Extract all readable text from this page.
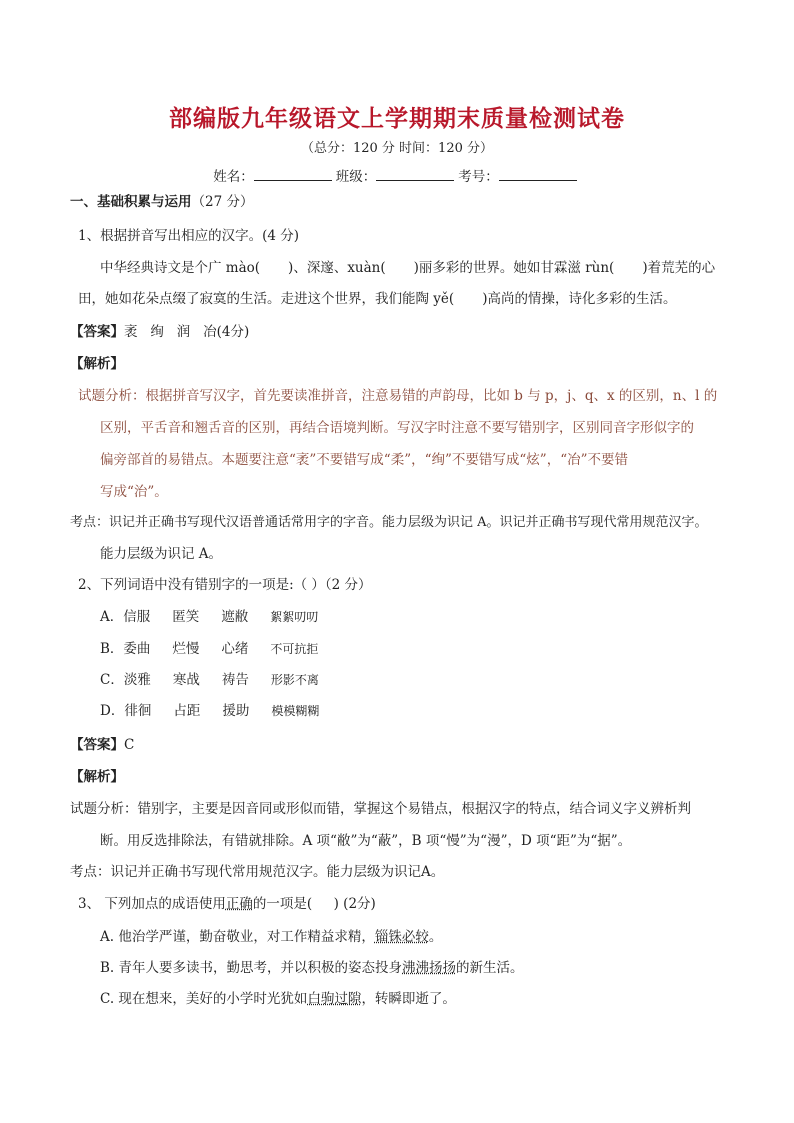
部编版九年级语文上学期期末质量检测试卷
（总分：120 分 时间：120 分）
姓名：	班级：	考号：
一、基础积累与运用（27 分）
1、根据拼音写出相应的汉字。(4 分)
中华经典诗文是个广 mào( )、深邃、xuàn( )丽多彩的世界。她如甘霖滋 rùn( )着荒芜的心
田，她如花朵点缀了寂寞的生活。走进这个世界，我们能陶 yě( )高尚的情操，诗化多彩的生活。
【答案】袤   绚   润   冶(4分)
【解析】
试题分析：根据拼音写汉字，首先要读准拼音，注意易错的声韵母，比如 b 与 p，j、q、x 的区别，n、l 的
区别，平舌音和翘舌音的区别，再结合语境判断。写汉字时注意不要写错别字，区别同音字形似字的
偏旁部首的易错点。本题要注意“袤”不要错写成“柔”，“绚”不要错写成“炫”，“冶”不要错
写成“治”。
考点：识记并正确书写现代汉语普通话常用字的字音。能力层级为识记 A。识记并正确书写现代常用规范汉字。
能力层级为识记 A。
2、下列词语中没有错别字的一项是:（ ）（2 分）
A．信服 匿笑 遮敝 絮絮叨叨
B．委曲 烂慢 心绪 不可抗拒
C．淡雅 寒战 祷告 形影不离
D．徘徊 占距 援助 模模糊糊
【答案】C
【解析】
试题分析：错别字，主要是因音同或形似而错，掌握这个易错点，根据汉字的特点，结合词义字义辨析判
断。用反选排除法，有错就排除。A 项“敝”为“蔽”，B 项“慢”为“漫”，D 项“距”为“据”。
考点：识记并正确书写现代常用规范汉字。能力层级为识记A。
3、 下列加点的成语使用正确的一项是(     ) (2分)
A. 他治学严谨，勤奋敬业，对工作精益求精，锱铢必较。
B. 青年人要多读书，勤思考，并以积极的姿态投身沸沸扬扬的新生活。
C. 现在想来，美好的小学时光犹如白驹过隙，转瞬即逝了。
